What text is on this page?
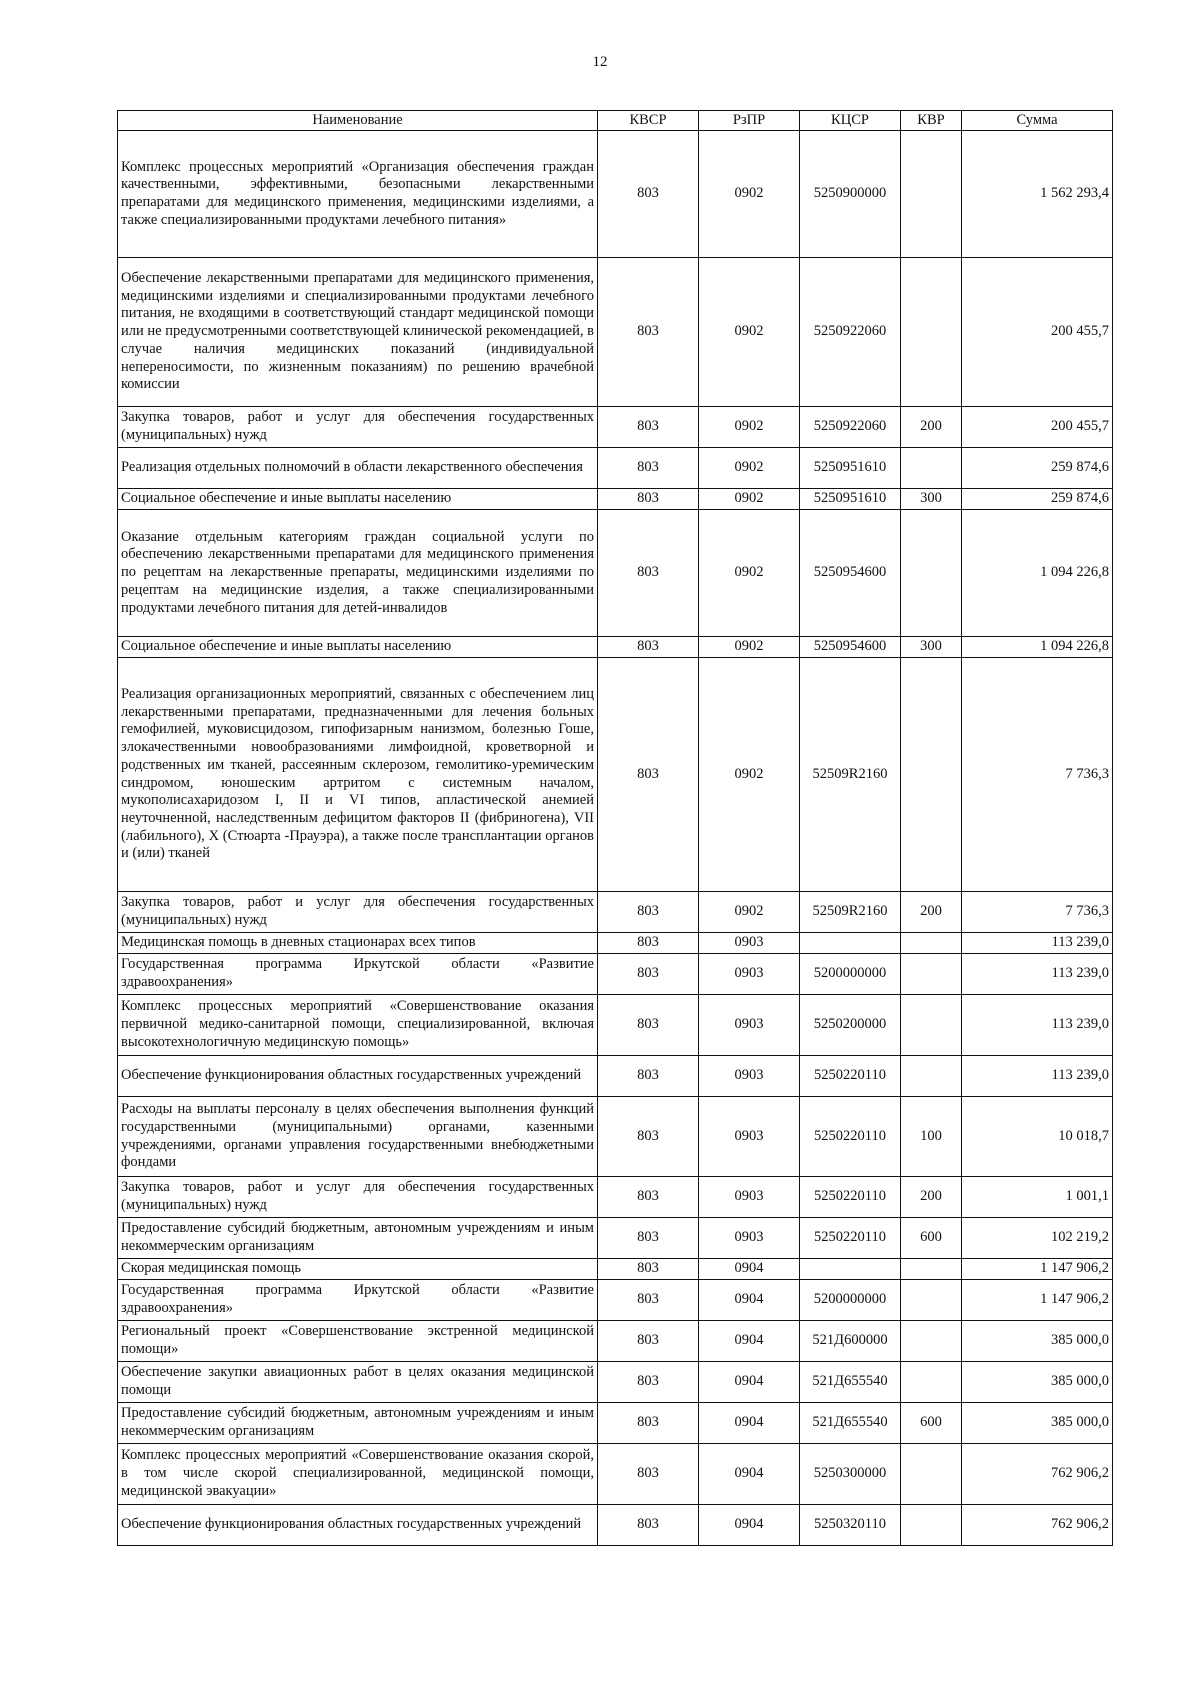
12
Наименование	КВСР	РзПР	КЦСР	КВР	Сумма
Комплекс процессных мероприятий «Организация обеспечения граждан качественными, эффективными, безопасными лекарственными препаратами для медицинского применения, медицинскими изделиями, а также специализированными продуктами лечебного питания»	803	0902	5250900000		1 562 293,4
Обеспечение лекарственными препаратами для медицинского применения, медицинскими изделиями и специализированными продуктами лечебного питания, не входящими в соответствующий стандарт медицинской помощи или не предусмотренными соответствующей клинической рекомендацией, в случае наличия медицинских показаний (индивидуальной непереносимости, по жизненным показаниям) по решению врачебной комиссии	803	0902	5250922060		200 455,7
Закупка товаров, работ и услуг для обеспечения государственных (муниципальных) нужд	803	0902	5250922060	200	200 455,7
Реализация отдельных полномочий в области лекарственного обеспечения	803	0902	5250951610		259 874,6
Социальное обеспечение и иные выплаты населению	803	0902	5250951610	300	259 874,6
Оказание отдельным категориям граждан социальной услуги по обеспечению лекарственными препаратами для медицинского применения по рецептам на лекарственные препараты, медицинскими изделиями по рецептам на медицинские изделия, а также специализированными продуктами лечебного питания для детей-инвалидов	803	0902	5250954600		1 094 226,8
Социальное обеспечение и иные выплаты населению	803	0902	5250954600	300	1 094 226,8
Реализация организационных мероприятий, связанных с обеспечением лиц лекарственными препаратами, предназначенными для лечения больных гемофилией, муковисцидозом, гипофизарным нанизмом, болезнью Гоше, злокачественными новообразованиями лимфоидной, кроветворной и родственных им тканей, рассеянным склерозом, гемолитико-уремическим синдромом, юношеским артритом с системным началом, мукополисахаридозом I, II и VI типов, апластической анемией неуточненной, наследственным дефицитом факторов II (фибриногена), VII (лабильного), X (Стюарта -Прауэра), а также после трансплантации органов и (или) тканей	803	0902	52509R2160		7 736,3
Закупка товаров, работ и услуг для обеспечения государственных (муниципальных) нужд	803	0902	52509R2160	200	7 736,3
Медицинская помощь в дневных стационарах всех типов	803	0903			113 239,0
Государственная программа Иркутской области «Развитие здравоохранения»	803	0903	5200000000		113 239,0
Комплекс процессных мероприятий «Совершенствование оказания первичной медико-санитарной помощи, специализированной, включая высокотехнологичную медицинскую помощь»	803	0903	5250200000		113 239,0
Обеспечение функционирования областных государственных учреждений	803	0903	5250220110		113 239,0
Расходы на выплаты персоналу в целях обеспечения выполнения функций государственными (муниципальными) органами, казенными учреждениями, органами управления государственными внебюджетными фондами	803	0903	5250220110	100	10 018,7
Закупка товаров, работ и услуг для обеспечения государственных (муниципальных) нужд	803	0903	5250220110	200	1 001,1
Предоставление субсидий бюджетным, автономным учреждениям и иным некоммерческим организациям	803	0903	5250220110	600	102 219,2
Скорая медицинская помощь	803	0904			1 147 906,2
Государственная программа Иркутской области «Развитие здравоохранения»	803	0904	5200000000		1 147 906,2
Региональный проект «Совершенствование экстренной медицинской помощи»	803	0904	521Д600000		385 000,0
Обеспечение закупки авиационных работ в целях оказания медицинской помощи	803	0904	521Д655540		385 000,0
Предоставление субсидий бюджетным, автономным учреждениям и иным некоммерческим организациям	803	0904	521Д655540	600	385 000,0
Комплекс процессных мероприятий «Совершенствование оказания скорой, в том числе скорой специализированной, медицинской помощи, медицинской эвакуации»	803	0904	5250300000		762 906,2
Обеспечение функционирования областных государственных учреждений	803	0904	5250320110		762 906,2
